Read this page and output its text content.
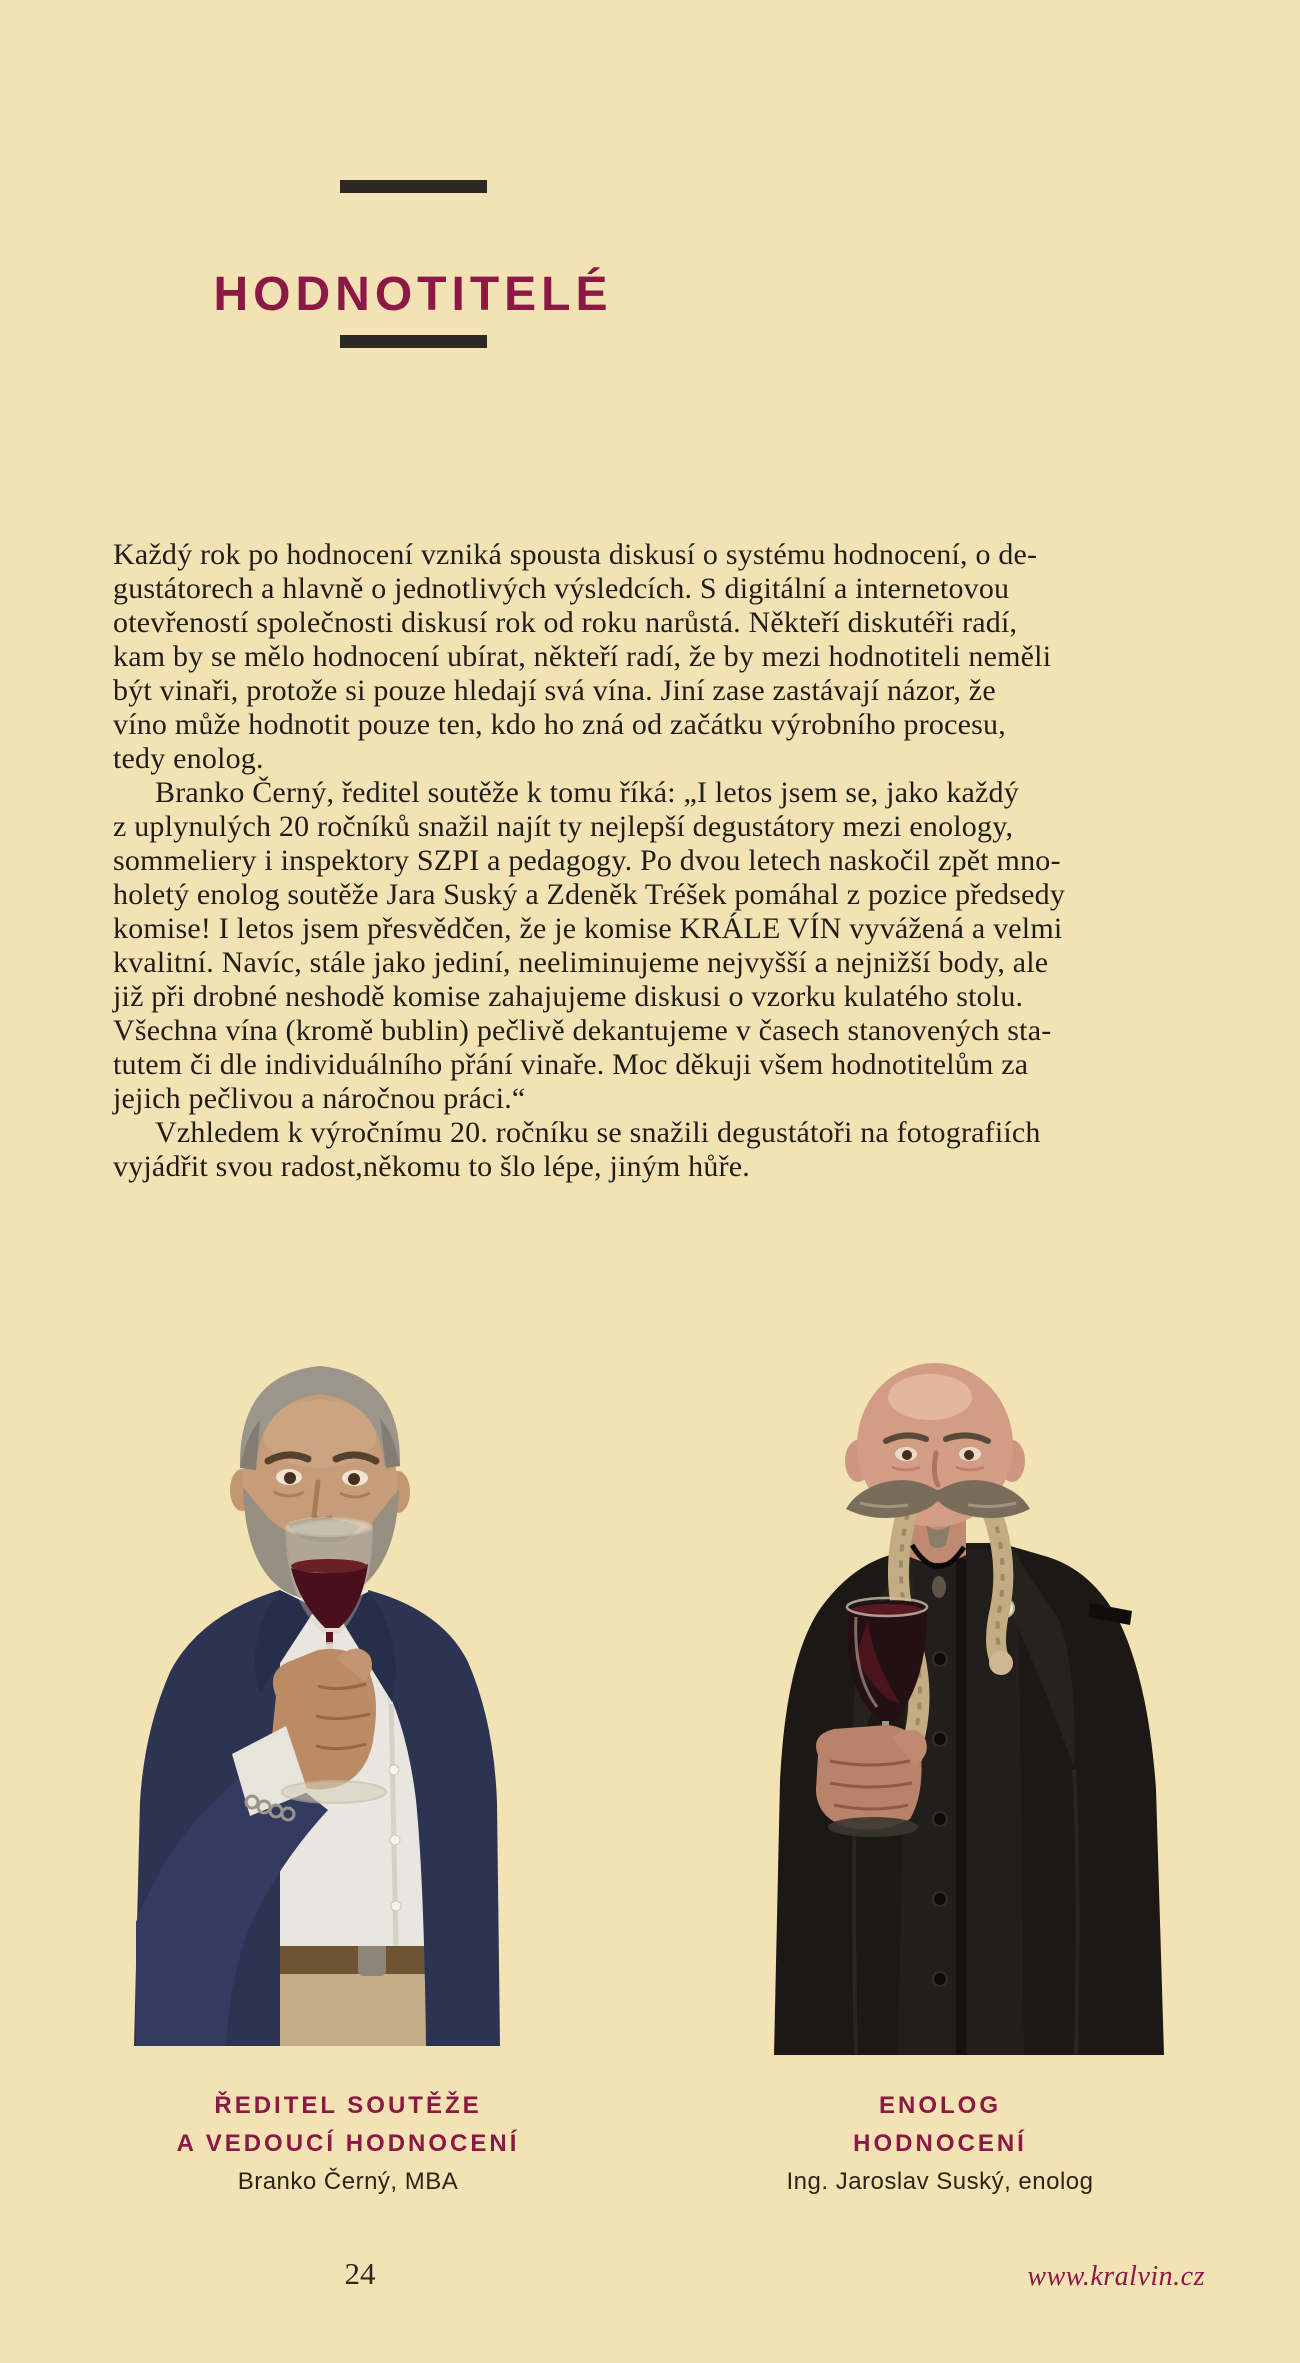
HODNOTITELÉ
Každý rok po hodnocení vzniká spousta diskusí o systému hodnocení, o de-
gustátorech a hlavně o jednotlivých výsledcích. S digitální a internetovou
otevřeností společnosti diskusí rok od roku narůstá. Někteří diskutéři radí,
kam by se mělo hodnocení ubírat, někteří radí, že by mezi hodnotiteli neměli
být vinaři, protože si pouze hledají svá vína. Jiní zase zastávají názor, že
víno může hodnotit pouze ten, kdo ho zná od začátku výrobního procesu,
tedy enolog.
Branko Černý, ředitel soutěže k tomu říká: „I letos jsem se, jako každý
z uplynulých 20 ročníků snažil najít ty nejlepší degustátory mezi enology,
sommeliery i inspektory SZPI a pedagogy. Po dvou letech naskočil zpět mno-
holetý enolog soutěže Jara Suský a Zdeněk Tréšek pomáhal z pozice předsedy
komise! I letos jsem přesvědčen, že je komise KRÁLE VÍN vyvážená a velmi
kvalitní. Navíc, stále jako jediní, neeliminujeme nejvyšší a nejnižší body, ale
již při drobné neshodě komise zahajujeme diskusi o vzorku kulatého stolu.
Všechna vína (kromě bublin) pečlivě dekantujeme v časech stanovených sta-
tutem či dle individuálního přání vinaře. Moc děkuji všem hodnotitelům za
jejich pečlivou a náročnou práci.“
Vzhledem k výročnímu 20. ročníku se snažili degustátoři na fotografiích
vyjádřit svou radost,někomu to šlo lépe, jiným hůře.
ŘEDITEL SOUTĚŽE
A VEDOUCÍ HODNOCENÍ
Branko Černý, MBA
ENOLOG
HODNOCENÍ
Ing. Jaroslav Suský, enolog
24	www.kralvin.cz
